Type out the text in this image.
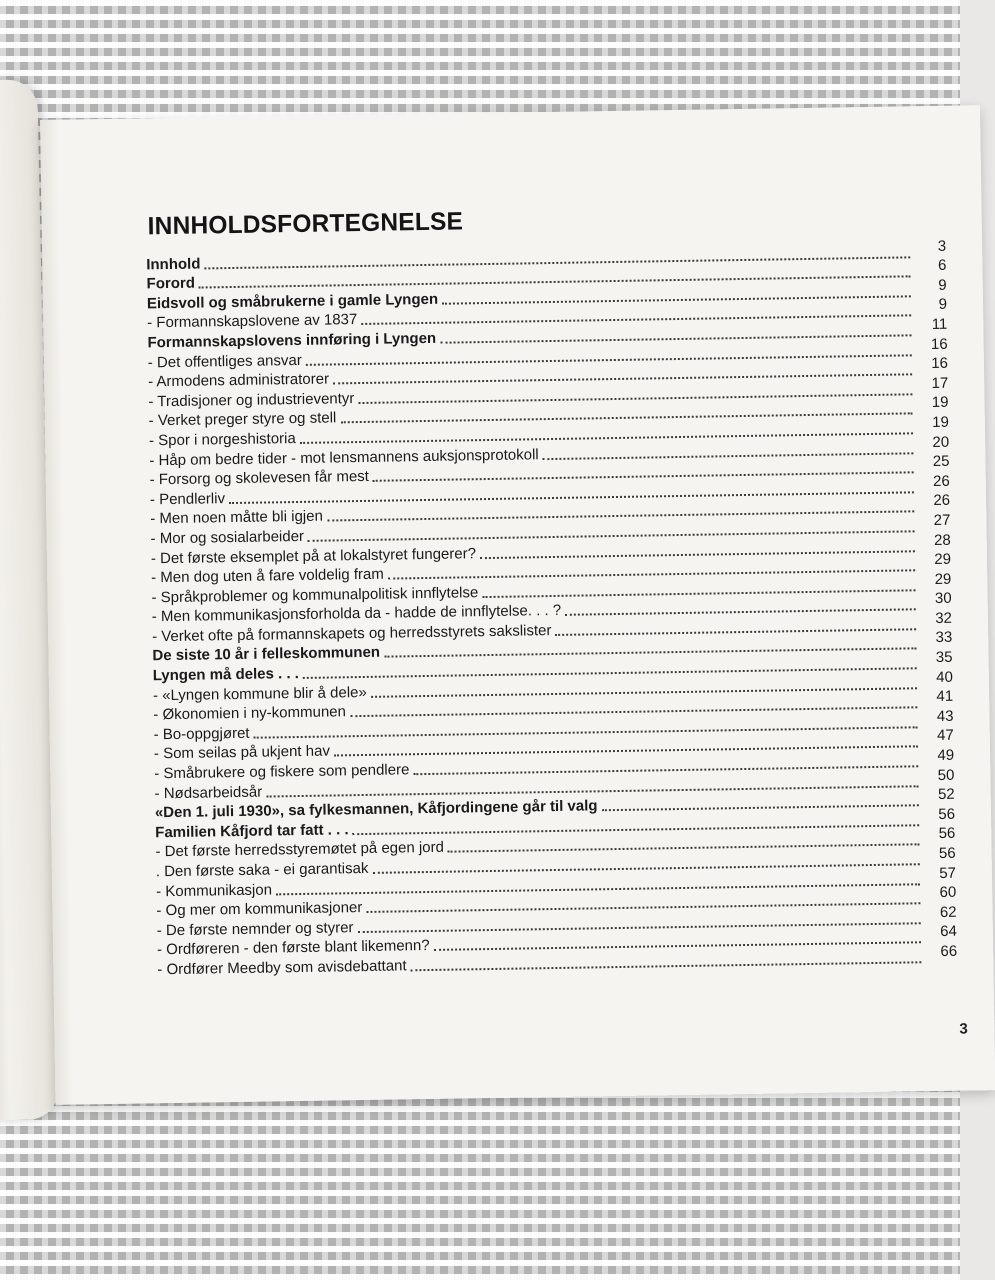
INNHOLDSFORTEGNELSE
Innhold
3
Forord
6
Eidsvoll og småbrukerne i gamle Lyngen
9
- Formannskapslovene av 1837
9
Formannskapslovens innføring i Lyngen
11
- Det offentliges ansvar
16
- Armodens administratorer
16
- Tradisjoner og industrieventyr
17
- Verket preger styre og stell
19
- Spor i norgeshistoria
19
- Håp om bedre tider - mot lensmannens auksjonsprotokoll
20
- Forsorg og skolevesen får mest
25
- Pendlerliv
26
- Men noen måtte bli igjen
26
- Mor og sosialarbeider
27
- Det første eksemplet på at lokalstyret fungerer?
28
- Men dog uten å fare voldelig fram
29
- Språkproblemer og kommunalpolitisk innflytelse
29
- Men kommunikasjonsforholda da - hadde de innflytelse. . . ?
30
- Verket ofte på formannskapets og herredsstyrets sakslister
32
De siste 10 år i felleskommunen
33
Lyngen må deles . . .
35
- «Lyngen kommune blir å dele»
40
- Økonomien i ny-kommunen
41
- Bo-oppgjøret
43
- Som seilas på ukjent hav
47
- Småbrukere og fiskere som pendlere
49
- Nødsarbeidsår
50
«Den 1. juli 1930», sa fylkesmannen, Kåfjordingene går til valg
52
Familien Kåfjord tar fatt . . .
56
- Det første herredsstyremøtet på egen jord
56
. Den første saka - ei garantisak
56
- Kommunikasjon
57
- Og mer om kommunikasjoner
60
- De første nemnder og styrer
62
- Ordføreren - den første blant likemenn?
64
- Ordfører Meedby som avisdebattant
66
3
